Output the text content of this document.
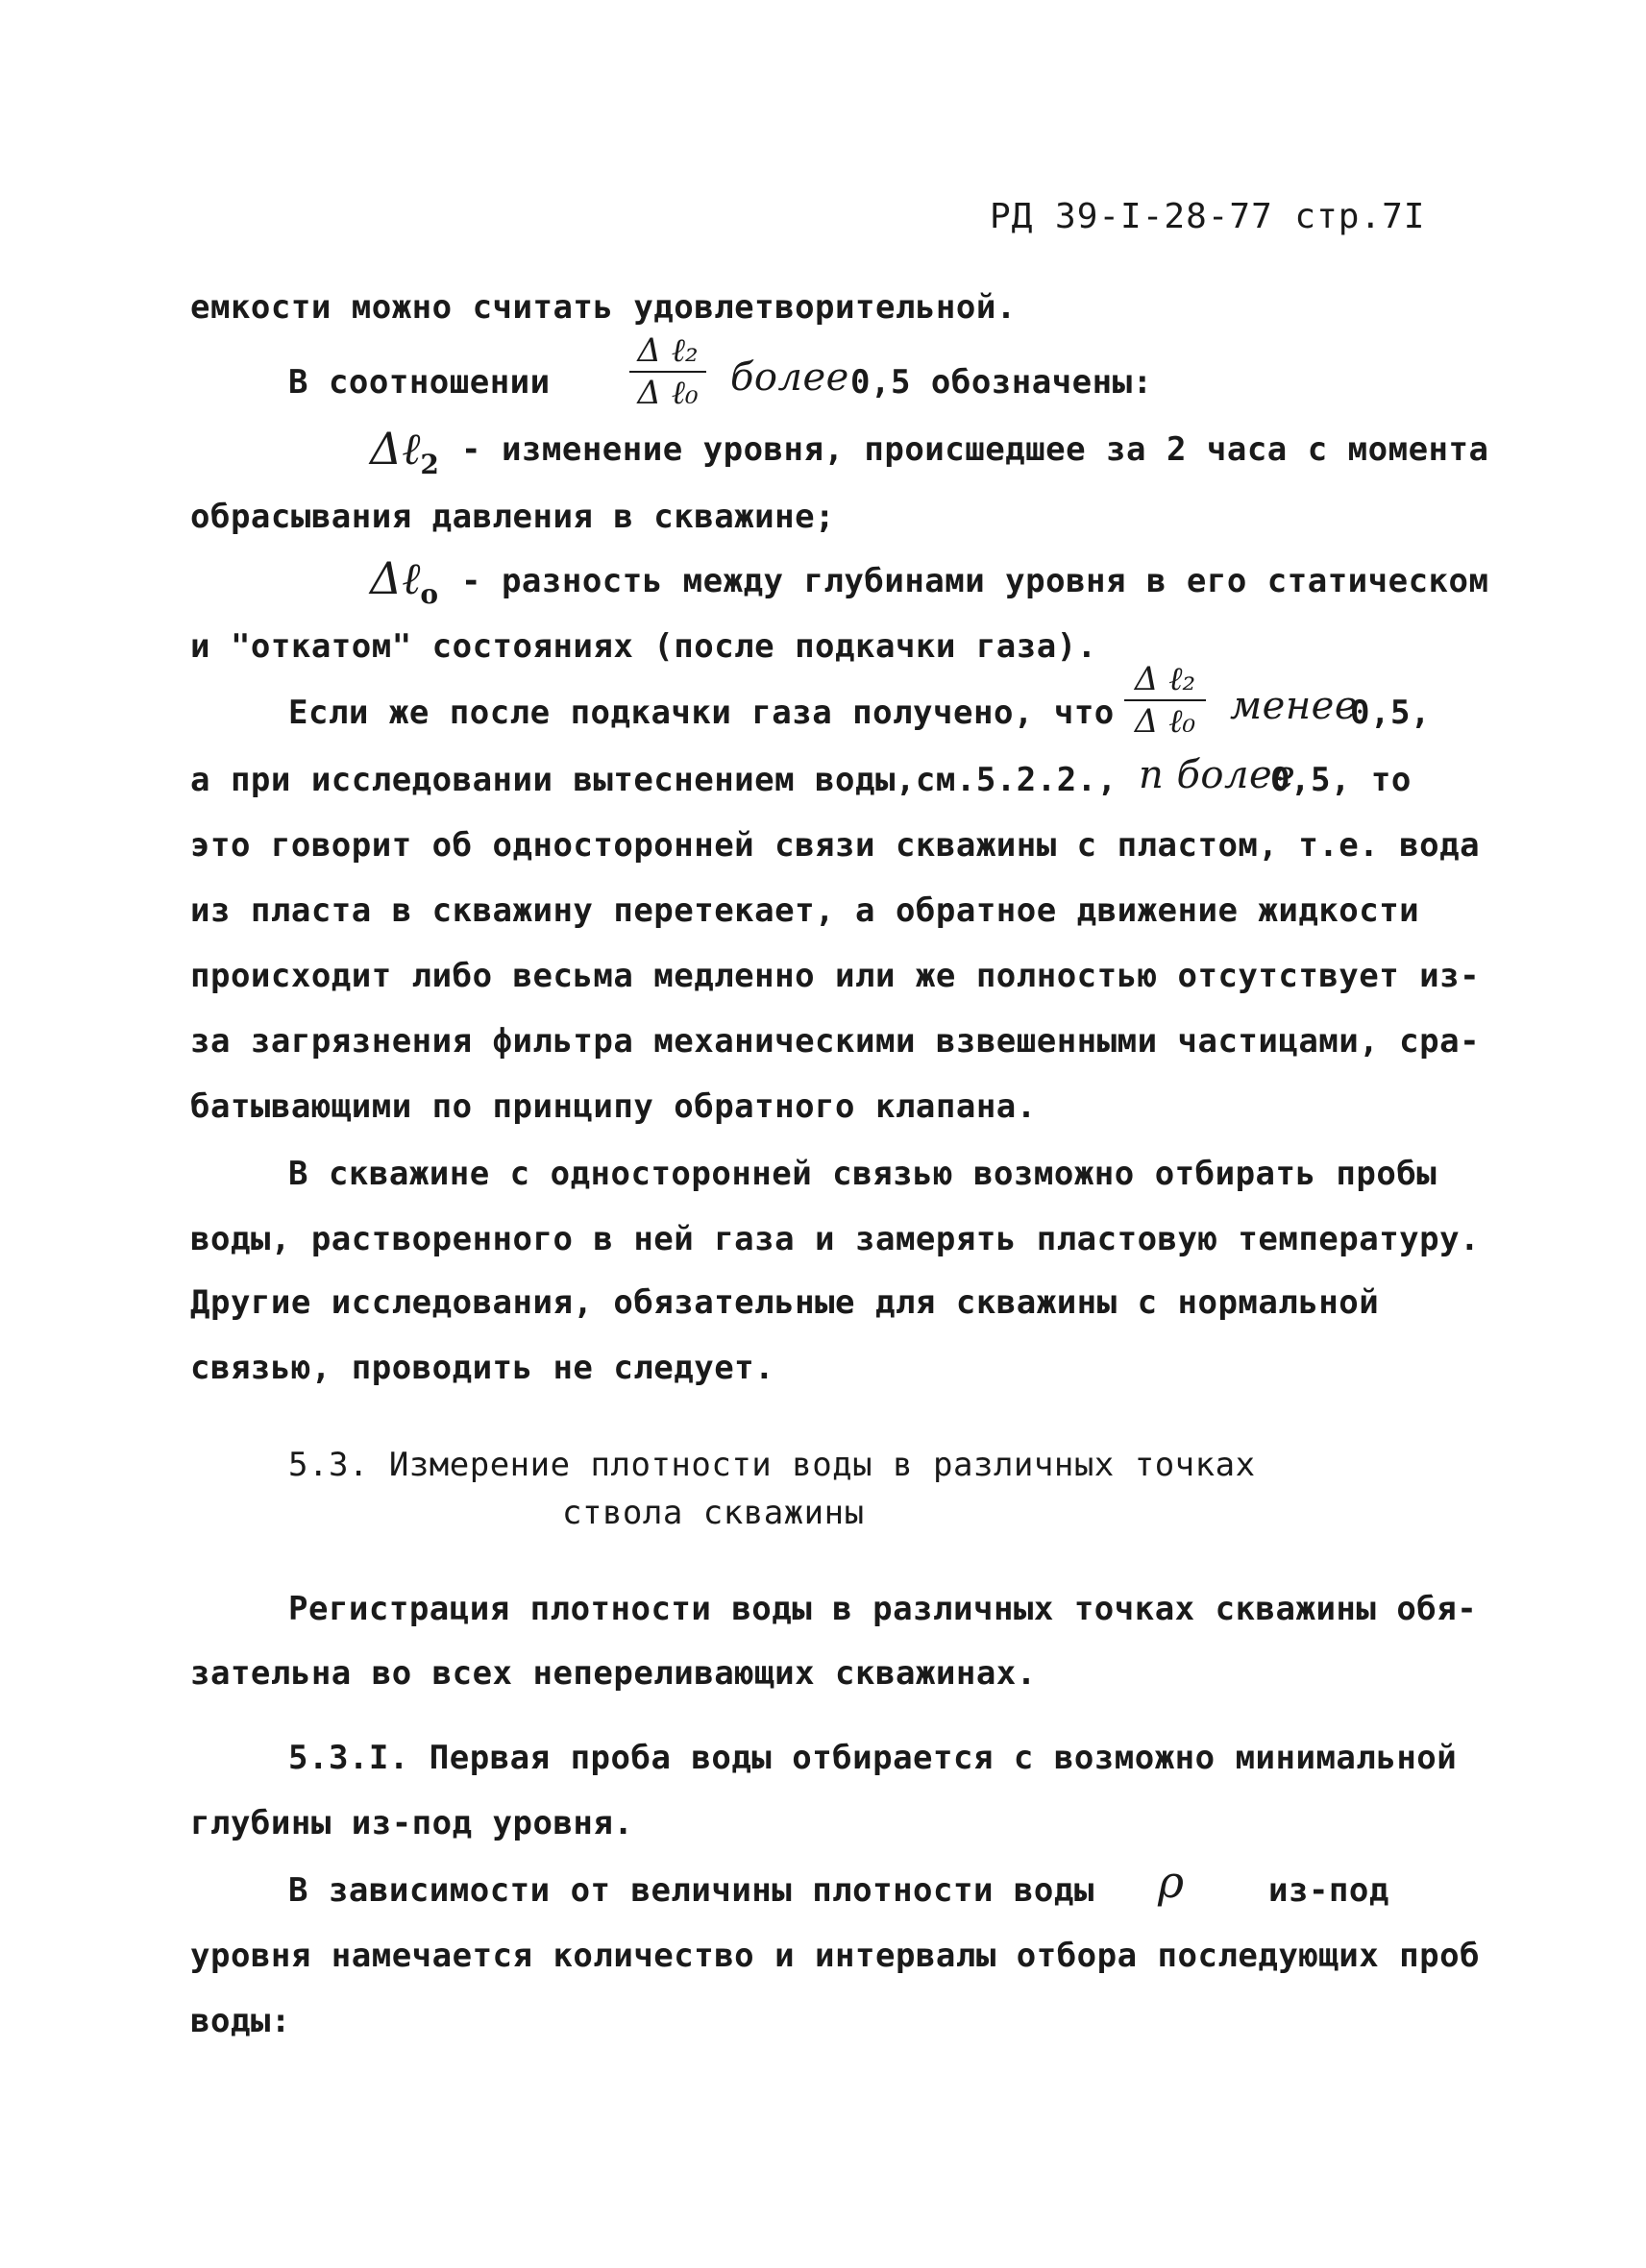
РД 39-I-28-77 стр.7I
емкости можно считать удовлетворительной.
В соотношении
Δ ℓ₂
Δ ℓ₀ более 0,5 обозначены:
Δℓ$_2$ - изменение уровня, происшедшее за 2 часа с момента
обрасывания давления в скважине;
Δℓ$_o$ - разность между глубинами уровня в его статическом
и "откатом" состояниях (после подкачки газа).
Если же после подкачки газа получено, что
Δ ℓ₂
Δ ℓ₀ менее
0,5,
а при исследовании вытеснением воды,см.5.2.2., n более
0,5, то
это говорит об односторонней связи скважины с пластом, т.е. вода
из пласта в скважину перетекает, а обратное движение жидкости
происходит либо весьма медленно или же полностью отсутствует из-
за загрязнения фильтра механическими взвешенными частицами, сра-
батывающими по принципу обратного клапана.
В скважине с односторонней связью возможно отбирать пробы
воды, растворенного в ней газа и замерять пластовую температуру.
Другие исследования, обязательные для скважины с нормальной
связью, проводить не следует.
5.3. Измерение плотности воды в различных точках
ствола скважины
Регистрация плотности воды в различных точках скважины обя-
зательна во всех непереливающих скважинах.
5.3.I. Первая проба воды отбирается с возможно минимальной
глубины из-под уровня.
В зависимости от величины плотности воды ρ	из-под
уровня намечается количество и интервалы отбора последующих проб
воды:
